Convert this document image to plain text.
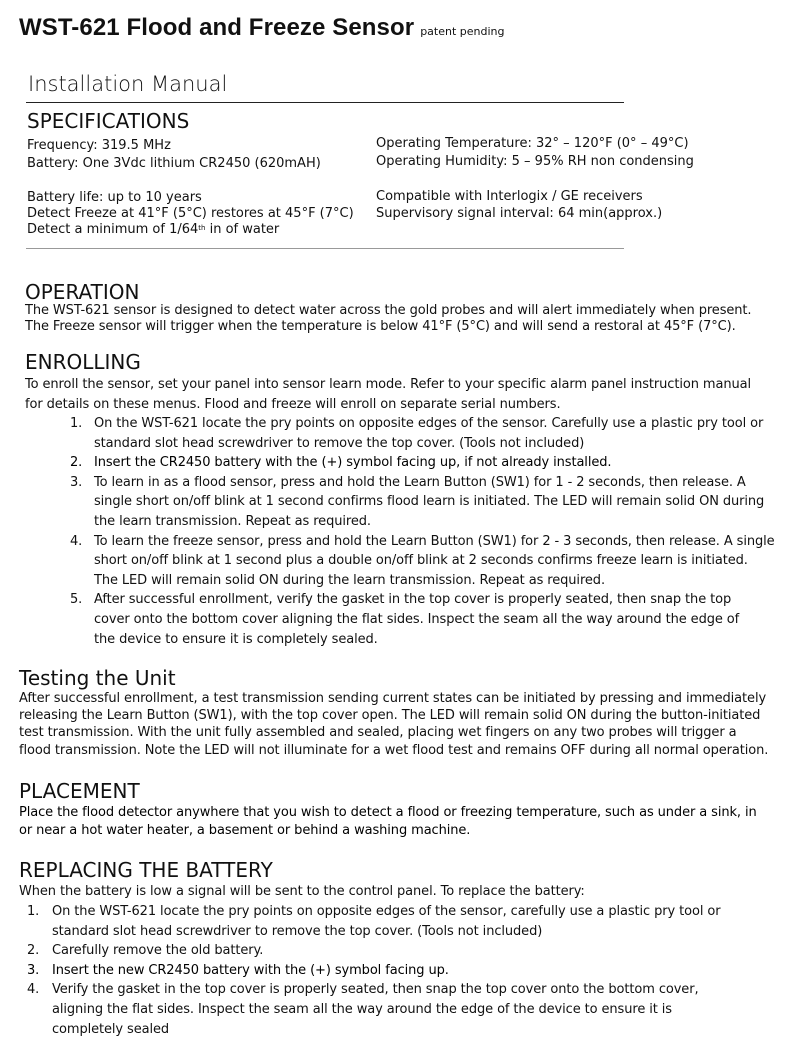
WST-621 Flood and Freeze Sensor patent pending
Installation Manual
SPECIFICATIONS
Frequency: 319.5 MHz
Battery: One 3Vdc lithium CR2450 (620mAH)
Battery life: up to 10 years
Detect Freeze at 41°F (5°C) restores at 45°F (7°C)
Detect a minimum of 1/64th in of water
Operating Temperature: 32° – 120°F (0° – 49°C)
Operating Humidity: 5 – 95% RH non condensing
Compatible with Interlogix / GE receivers
Supervisory signal interval: 64 min(approx.)
OPERATION
The WST-621 sensor is designed to detect water across the gold probes and will alert immediately when present.
The Freeze sensor will trigger when the temperature is below 41°F (5°C) and will send a restoral at 45°F (7°C).
ENROLLING
To enroll the sensor, set your panel into sensor learn mode. Refer to your specific alarm panel instruction manual
for details on these menus. Flood and freeze will enroll on separate serial numbers.
1. On the WST-621 locate the pry points on opposite edges of the sensor. Carefully use a plastic pry tool or
standard slot head screwdriver to remove the top cover. (Tools not included)
2. Insert the CR2450 battery with the (+) symbol facing up, if not already installed.
3. To learn in as a flood sensor, press and hold the Learn Button (SW1) for 1 - 2 seconds, then release. A
single short on/off blink at 1 second confirms flood learn is initiated. The LED will remain solid ON during
the learn transmission. Repeat as required.
4. To learn the freeze sensor, press and hold the Learn Button (SW1) for 2 - 3 seconds, then release. A single
short on/off blink at 1 second plus a double on/off blink at 2 seconds confirms freeze learn is initiated.
The LED will remain solid ON during the learn transmission. Repeat as required.
5. After successful enrollment, verify the gasket in the top cover is properly seated, then snap the top
cover onto the bottom cover aligning the flat sides. Inspect the seam all the way around the edge of
the device to ensure it is completely sealed.
Testing the Unit
After successful enrollment, a test transmission sending current states can be initiated by pressing and immediately
releasing the Learn Button (SW1), with the top cover open. The LED will remain solid ON during the button-initiated
test transmission. With the unit fully assembled and sealed, placing wet fingers on any two probes will trigger a
flood transmission. Note the LED will not illuminate for a wet flood test and remains OFF during all normal operation.
PLACEMENT
Place the flood detector anywhere that you wish to detect a flood or freezing temperature, such as under a sink, in
or near a hot water heater, a basement or behind a washing machine.
REPLACING THE BATTERY
When the battery is low a signal will be sent to the control panel. To replace the battery:
1. On the WST-621 locate the pry points on opposite edges of the sensor, carefully use a plastic pry tool or
standard slot head screwdriver to remove the top cover. (Tools not included)
2. Carefully remove the old battery.
3. Insert the new CR2450 battery with the (+) symbol facing up.
4. Verify the gasket in the top cover is properly seated, then snap the top cover onto the bottom cover,
aligning the flat sides. Inspect the seam all the way around the edge of the device to ensure it is
completely sealed
